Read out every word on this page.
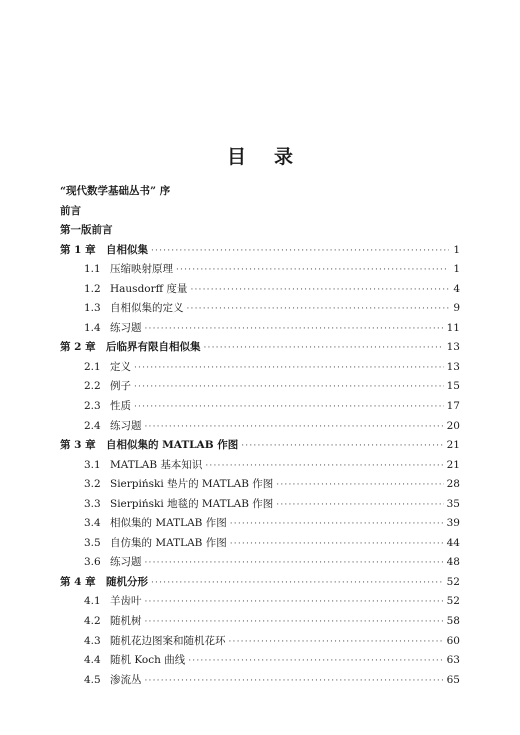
目 录
“现代数学基础丛书” 序
前言
第一版前言
第 1 章 自相似集 ·····	1
1.1 压缩映射原理 ·····	1
1.2 Hausdorff 度量 ·····	4
1.3 自相似集的定义 ·····	9
1.4 练习题 ·····	11
第 2 章 后临界有限自相似集 ·····	13
2.1 定义 ·····	13
2.2 例子 ·····	15
2.3 性质 ·····	17
2.4 练习题 ·····	20
第 3 章 自相似集的 MATLAB 作图 ·····	21
3.1 MATLAB 基本知识 ·····	21
3.2 Sierpiński 垫片的 MATLAB 作图 ·····	28
3.3 Sierpiński 地毯的 MATLAB 作图 ·····	35
3.4 相似集的 MATLAB 作图 ·····	39
3.5 自仿集的 MATLAB 作图 ·····	44
3.6 练习题 ·····	48
第 4 章 随机分形 ·····	52
4.1 羊齿叶 ·····	52
4.2 随机树 ·····	58
4.3 随机花边图案和随机花环 ·····	60
4.4 随机 Koch 曲线 ·····	63
4.5 渗流丛 ·····	65
